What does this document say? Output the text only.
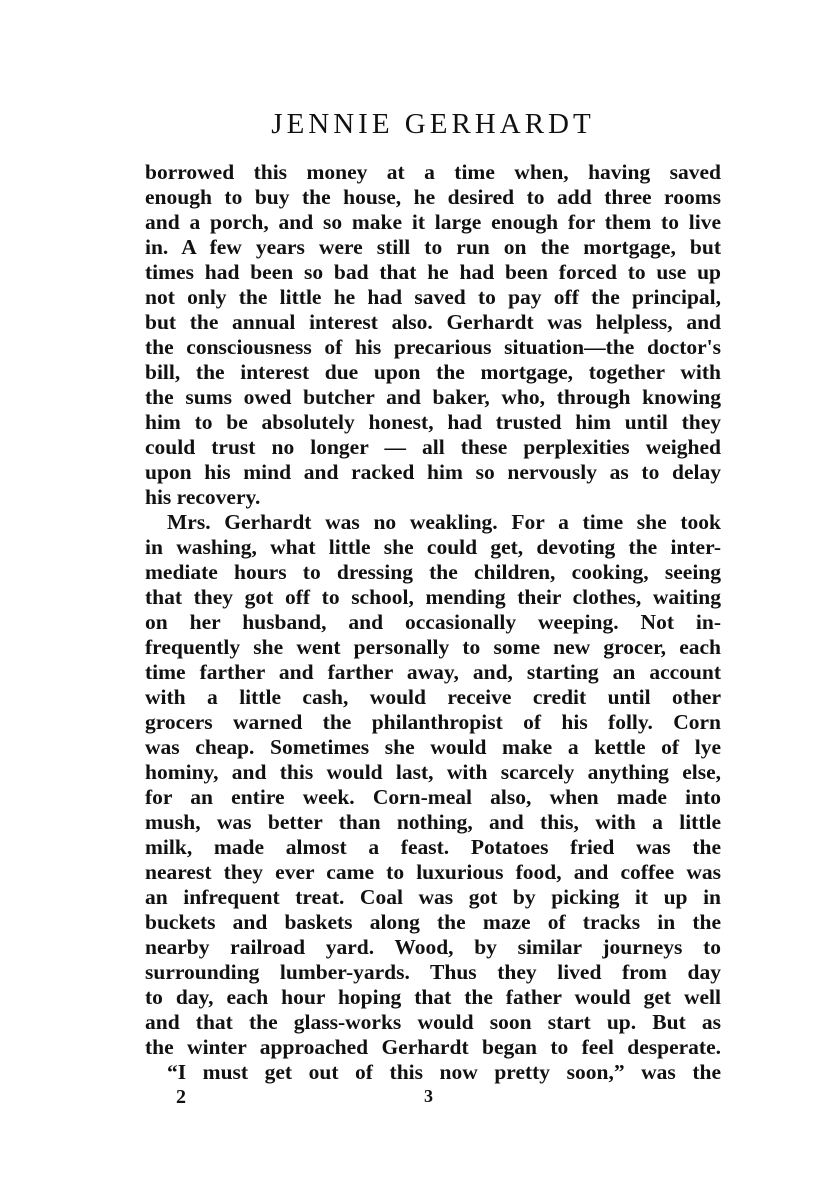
JENNIE GERHARDT
borrowed this money at a time when, having saved
enough to buy the house, he desired to add three rooms
and a porch, and so make it large enough for them to live
in. A few years were still to run on the mortgage, but
times had been so bad that he had been forced to use up
not only the little he had saved to pay off the principal,
but the annual interest also. Gerhardt was helpless, and
the consciousness of his precarious situation—the doctor's
bill, the interest due upon the mortgage, together with
the sums owed butcher and baker, who, through knowing
him to be absolutely honest, had trusted him until they
could trust no longer — all these perplexities weighed
upon his mind and racked him so nervously as to delay
his recovery.
Mrs. Gerhardt was no weakling. For a time she took
in washing, what little she could get, devoting the inter-
mediate hours to dressing the children, cooking, seeing
that they got off to school, mending their clothes, waiting
on her husband, and occasionally weeping. Not in-
frequently she went personally to some new grocer, each
time farther and farther away, and, starting an account
with a little cash, would receive credit until other
grocers warned the philanthropist of his folly. Corn
was cheap. Sometimes she would make a kettle of lye
hominy, and this would last, with scarcely anything else,
for an entire week. Corn-meal also, when made into
mush, was better than nothing, and this, with a little
milk, made almost a feast. Potatoes fried was the
nearest they ever came to luxurious food, and coffee was
an infrequent treat. Coal was got by picking it up in
buckets and baskets along the maze of tracks in the
nearby railroad yard. Wood, by similar journeys to
surrounding lumber-yards. Thus they lived from day
to day, each hour hoping that the father would get well
and that the glass-works would soon start up. But as
the winter approached Gerhardt began to feel desperate.
“I must get out of this now pretty soon,” was the
2	3
